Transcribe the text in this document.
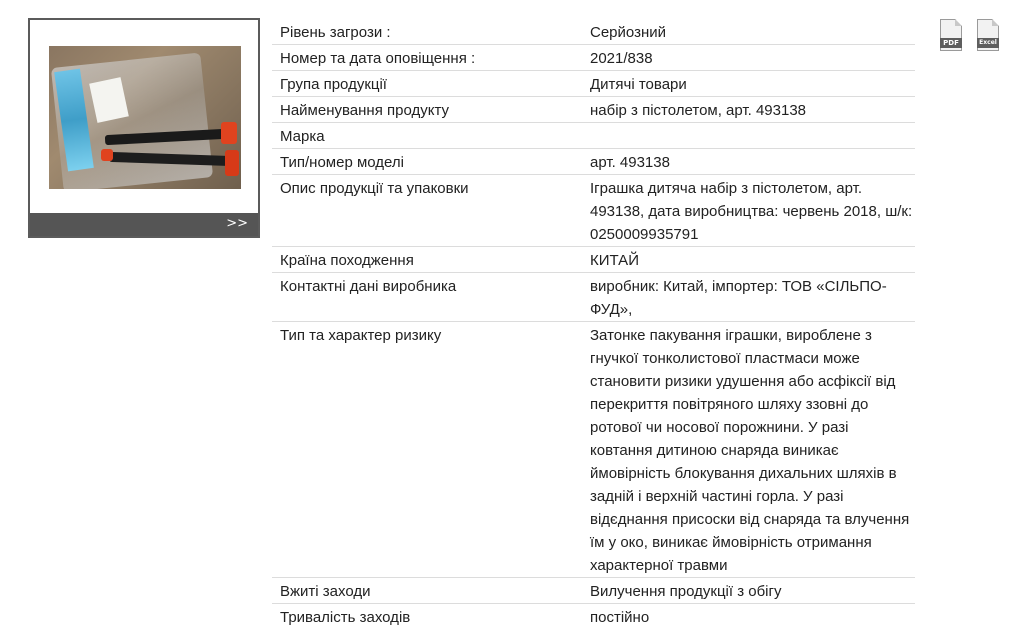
>>
Рівень загрози :	Серйозний
Номер та дата оповіщення :	2021/838
Група продукції	Дитячі товари
Найменування продукту	набір з пістолетом, арт. 493138
Марка
Тип/номер моделі	арт. 493138
Опис продукції та упаковки	Іграшка дитяча набір з пістолетом, арт. 493138, дата виробництва: червень 2018, ш/к: 0250009935791
Країна походження	КИТАЙ
Контактні дані виробника	виробник: Китай, імпортер: ТОВ «СІЛЬПО-ФУД»,
Тип та характер ризику	Затонке пакування іграшки, вироблене з гнучкої тонколистової пластмаси може становити ризики удушення або асфіксії від перекриття повітряного шляху ззовні до ротової чи носової порожнини. У разі ковтання дитиною снаряда виникає ймовірність блокування дихальних шляхів в задній і верхній частині горла. У разі відєднання присоски від снаряда та влучення їм у око, виникає ймовірність отримання характерної травми
Вжиті заходи	Вилучення продукції з обігу
Тривалість заходів	постійно
PDF	Excel
